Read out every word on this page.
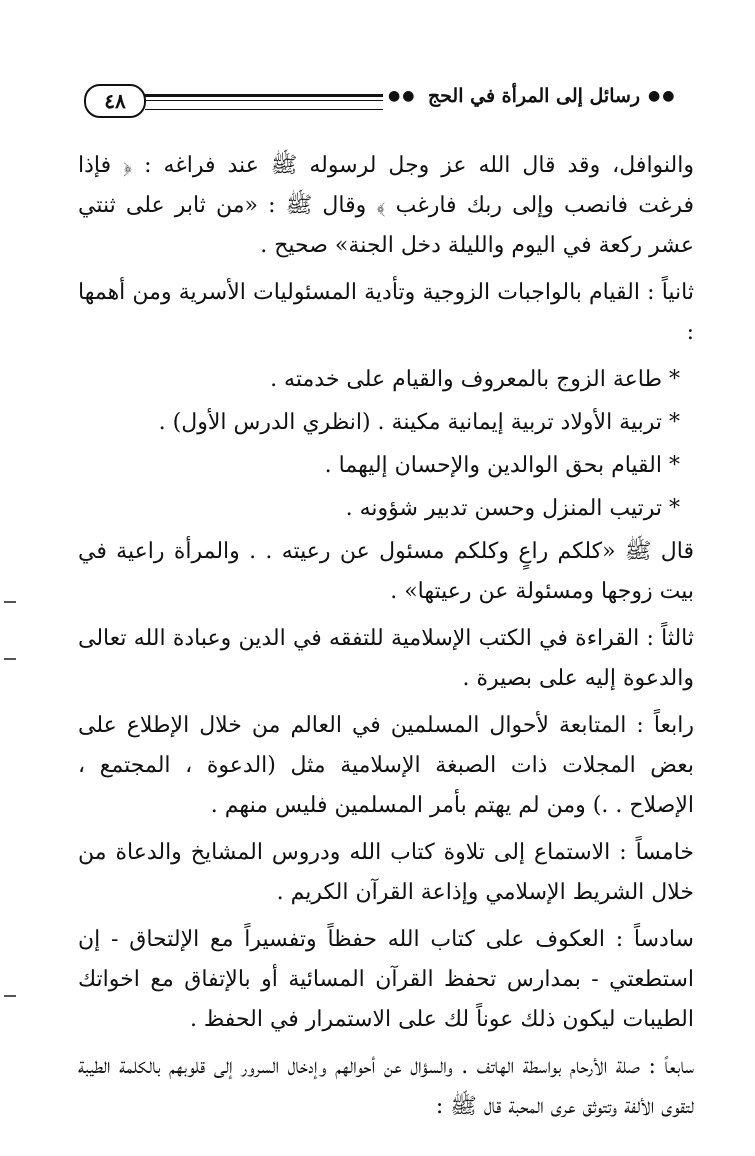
٤٨	●● رسائل إلى المرأة في الحج ●●

والنوافل، وقد قال الله عز وجل لرسوله ﷺ عند فراغه : ﴿ فإذا فرغت فانصب وإلى ربك فارغب ﴾ وقال ﷺ : «من ثابر على ثنتي عشر ركعة في اليوم والليلة دخل الجنة» صحيح .

ثانياً : القيام بالواجبات الزوجية وتأدية المسئوليات الأسرية ومن أهمها :

* طاعة الزوج بالمعروف والقيام على خدمته .

* تربية الأولاد تربية إيمانية مكينة . (انظري الدرس الأول) .

* القيام بحق الوالدين والإحسان إليهما .

* ترتيب المنزل وحسن تدبير شؤونه .

قال ﷺ «كلكم راعٍ وكلكم مسئول عن رعيته . . والمرأة راعية في بيت زوجها ومسئولة عن رعيتها» .

ثالثاً : القراءة في الكتب الإسلامية للتفقه في الدين وعبادة الله تعالى والدعوة إليه على بصيرة .

رابعاً : المتابعة لأحوال المسلمين في العالم من خلال الإطلاع على بعض المجلات ذات الصبغة الإسلامية مثل (الدعوة ، المجتمع ، الإصلاح . .) ومن لم يهتم بأمر المسلمين فليس منهم .

خامساً : الاستماع إلى تلاوة كتاب الله ودروس المشايخ والدعاة من خلال الشريط الإسلامي وإذاعة القرآن الكريم .

سادساً : العكوف على كتاب الله حفظاً وتفسيراً مع الإلتحاق - إن استطعتي - بمدارس تحفظ القرآن المسائية أو بالإتفاق مع اخواتك الطيبات ليكون ذلك عوناً لك على الاستمرار في الحفظ .

سابعاً : صلة الأرحام بواسطة الهاتف . والسؤال عن أحوالهم وإدخال السرور إلى قلوبهم بالكلمة الطيبة لتقوى الألفة وتتوثق عرى المحبة قال ﷺ :
